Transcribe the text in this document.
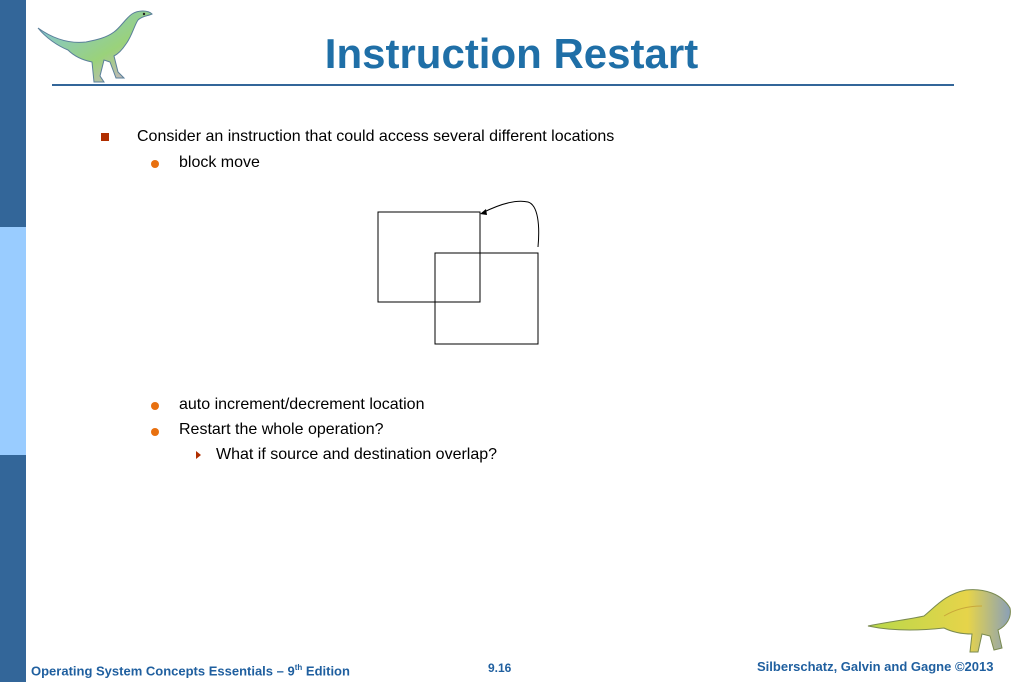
Instruction Restart
Consider an instruction that could access several different locations
block move
auto increment/decrement location
Restart the whole operation?
What if source and destination overlap?
Operating System Concepts Essentials – 9th Edition	9.16	Silberschatz, Galvin and Gagne ©2013
